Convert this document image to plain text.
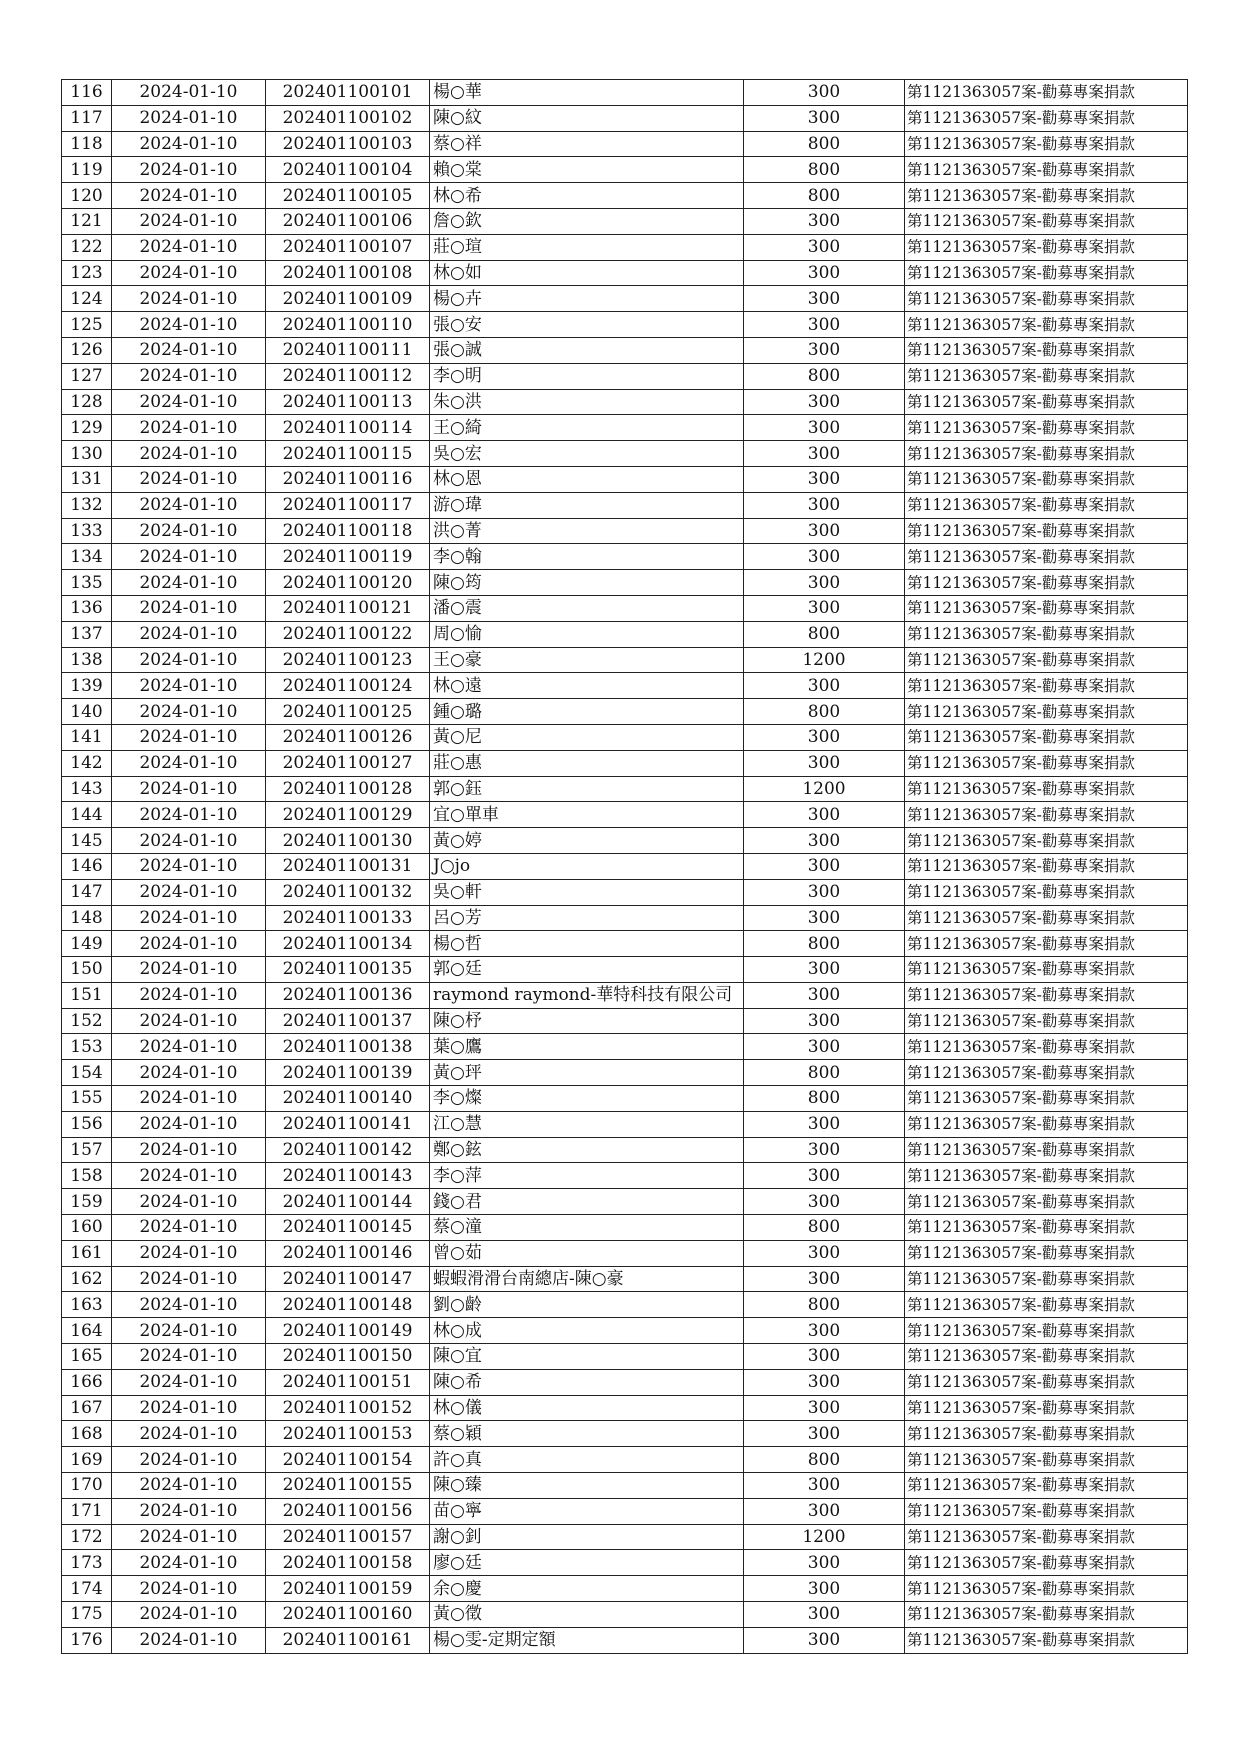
116	2024-01-10	202401100101	楊○華	300	第1121363057案-勸募專案捐款
117	2024-01-10	202401100102	陳○紋	300	第1121363057案-勸募專案捐款
118	2024-01-10	202401100103	蔡○祥	800	第1121363057案-勸募專案捐款
119	2024-01-10	202401100104	賴○棠	800	第1121363057案-勸募專案捐款
120	2024-01-10	202401100105	林○希	800	第1121363057案-勸募專案捐款
121	2024-01-10	202401100106	詹○欽	300	第1121363057案-勸募專案捐款
122	2024-01-10	202401100107	莊○瑄	300	第1121363057案-勸募專案捐款
123	2024-01-10	202401100108	林○如	300	第1121363057案-勸募專案捐款
124	2024-01-10	202401100109	楊○卉	300	第1121363057案-勸募專案捐款
125	2024-01-10	202401100110	張○安	300	第1121363057案-勸募專案捐款
126	2024-01-10	202401100111	張○誠	300	第1121363057案-勸募專案捐款
127	2024-01-10	202401100112	李○明	800	第1121363057案-勸募專案捐款
128	2024-01-10	202401100113	朱○洪	300	第1121363057案-勸募專案捐款
129	2024-01-10	202401100114	王○綺	300	第1121363057案-勸募專案捐款
130	2024-01-10	202401100115	吳○宏	300	第1121363057案-勸募專案捐款
131	2024-01-10	202401100116	林○恩	300	第1121363057案-勸募專案捐款
132	2024-01-10	202401100117	游○瑋	300	第1121363057案-勸募專案捐款
133	2024-01-10	202401100118	洪○菁	300	第1121363057案-勸募專案捐款
134	2024-01-10	202401100119	李○翰	300	第1121363057案-勸募專案捐款
135	2024-01-10	202401100120	陳○筠	300	第1121363057案-勸募專案捐款
136	2024-01-10	202401100121	潘○震	300	第1121363057案-勸募專案捐款
137	2024-01-10	202401100122	周○愉	800	第1121363057案-勸募專案捐款
138	2024-01-10	202401100123	王○豪	1200	第1121363057案-勸募專案捐款
139	2024-01-10	202401100124	林○遠	300	第1121363057案-勸募專案捐款
140	2024-01-10	202401100125	鍾○璐	800	第1121363057案-勸募專案捐款
141	2024-01-10	202401100126	黃○尼	300	第1121363057案-勸募專案捐款
142	2024-01-10	202401100127	莊○惠	300	第1121363057案-勸募專案捐款
143	2024-01-10	202401100128	郭○鈺	1200	第1121363057案-勸募專案捐款
144	2024-01-10	202401100129	宜○單車	300	第1121363057案-勸募專案捐款
145	2024-01-10	202401100130	黃○婷	300	第1121363057案-勸募專案捐款
146	2024-01-10	202401100131	J○jo	300	第1121363057案-勸募專案捐款
147	2024-01-10	202401100132	吳○軒	300	第1121363057案-勸募專案捐款
148	2024-01-10	202401100133	呂○芳	300	第1121363057案-勸募專案捐款
149	2024-01-10	202401100134	楊○哲	800	第1121363057案-勸募專案捐款
150	2024-01-10	202401100135	郭○廷	300	第1121363057案-勸募專案捐款
151	2024-01-10	202401100136	raymond raymond-華特科技有限公司	300	第1121363057案-勸募專案捐款
152	2024-01-10	202401100137	陳○杼	300	第1121363057案-勸募專案捐款
153	2024-01-10	202401100138	葉○鷹	300	第1121363057案-勸募專案捐款
154	2024-01-10	202401100139	黃○玶	800	第1121363057案-勸募專案捐款
155	2024-01-10	202401100140	李○燦	800	第1121363057案-勸募專案捐款
156	2024-01-10	202401100141	江○慧	300	第1121363057案-勸募專案捐款
157	2024-01-10	202401100142	鄭○鉉	300	第1121363057案-勸募專案捐款
158	2024-01-10	202401100143	李○萍	300	第1121363057案-勸募專案捐款
159	2024-01-10	202401100144	錢○君	300	第1121363057案-勸募專案捐款
160	2024-01-10	202401100145	蔡○潼	800	第1121363057案-勸募專案捐款
161	2024-01-10	202401100146	曾○茹	300	第1121363057案-勸募專案捐款
162	2024-01-10	202401100147	蝦蝦滑滑台南總店-陳○豪	300	第1121363057案-勸募專案捐款
163	2024-01-10	202401100148	劉○齡	800	第1121363057案-勸募專案捐款
164	2024-01-10	202401100149	林○成	300	第1121363057案-勸募專案捐款
165	2024-01-10	202401100150	陳○宜	300	第1121363057案-勸募專案捐款
166	2024-01-10	202401100151	陳○希	300	第1121363057案-勸募專案捐款
167	2024-01-10	202401100152	林○儀	300	第1121363057案-勸募專案捐款
168	2024-01-10	202401100153	蔡○穎	300	第1121363057案-勸募專案捐款
169	2024-01-10	202401100154	許○真	800	第1121363057案-勸募專案捐款
170	2024-01-10	202401100155	陳○臻	300	第1121363057案-勸募專案捐款
171	2024-01-10	202401100156	苗○寧	300	第1121363057案-勸募專案捐款
172	2024-01-10	202401100157	謝○釗	1200	第1121363057案-勸募專案捐款
173	2024-01-10	202401100158	廖○廷	300	第1121363057案-勸募專案捐款
174	2024-01-10	202401100159	余○慶	300	第1121363057案-勸募專案捐款
175	2024-01-10	202401100160	黃○徵	300	第1121363057案-勸募專案捐款
176	2024-01-10	202401100161	楊○雯-定期定額	300	第1121363057案-勸募專案捐款
